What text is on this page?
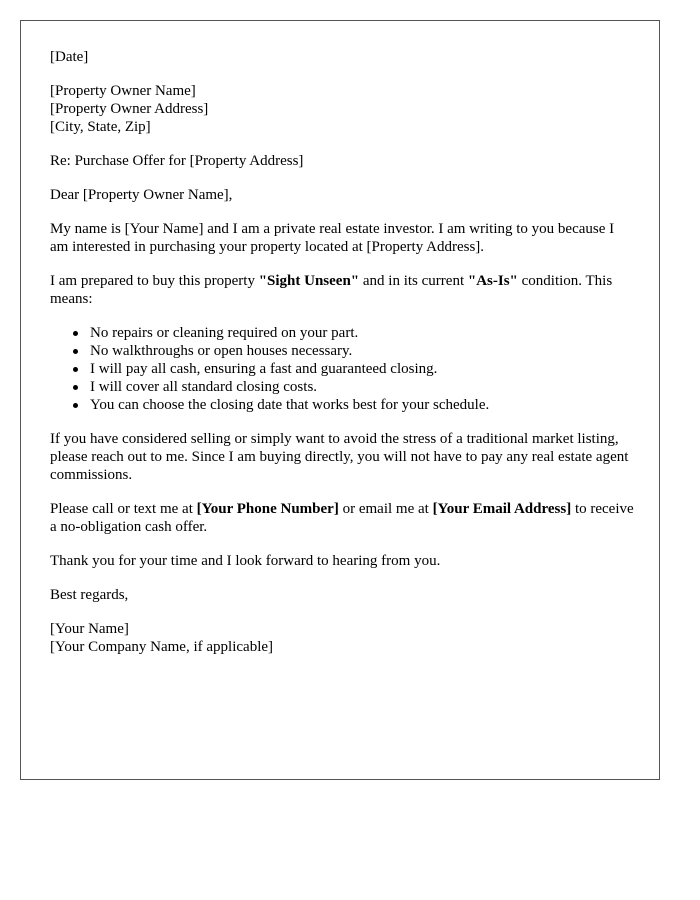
[Date]

[Property Owner Name]
[Property Owner Address]
[City, State, Zip]

Re: Purchase Offer for [Property Address]

Dear [Property Owner Name],

My name is [Your Name] and I am a private real estate investor. I am writing to you because I am interested in purchasing your property located at [Property Address].

I am prepared to buy this property "Sight Unseen" and in its current "As-Is" condition. This means:

No repairs or cleaning required on your part.
No walkthroughs or open houses necessary.
I will pay all cash, ensuring a fast and guaranteed closing.
I will cover all standard closing costs.
You can choose the closing date that works best for your schedule.

If you have considered selling or simply want to avoid the stress of a traditional market listing, please reach out to me. Since I am buying directly, you will not have to pay any real estate agent commissions.

Please call or text me at [Your Phone Number] or email me at [Your Email Address] to receive a no-obligation cash offer.

Thank you for your time and I look forward to hearing from you.

Best regards,

[Your Name]
[Your Company Name, if applicable]
